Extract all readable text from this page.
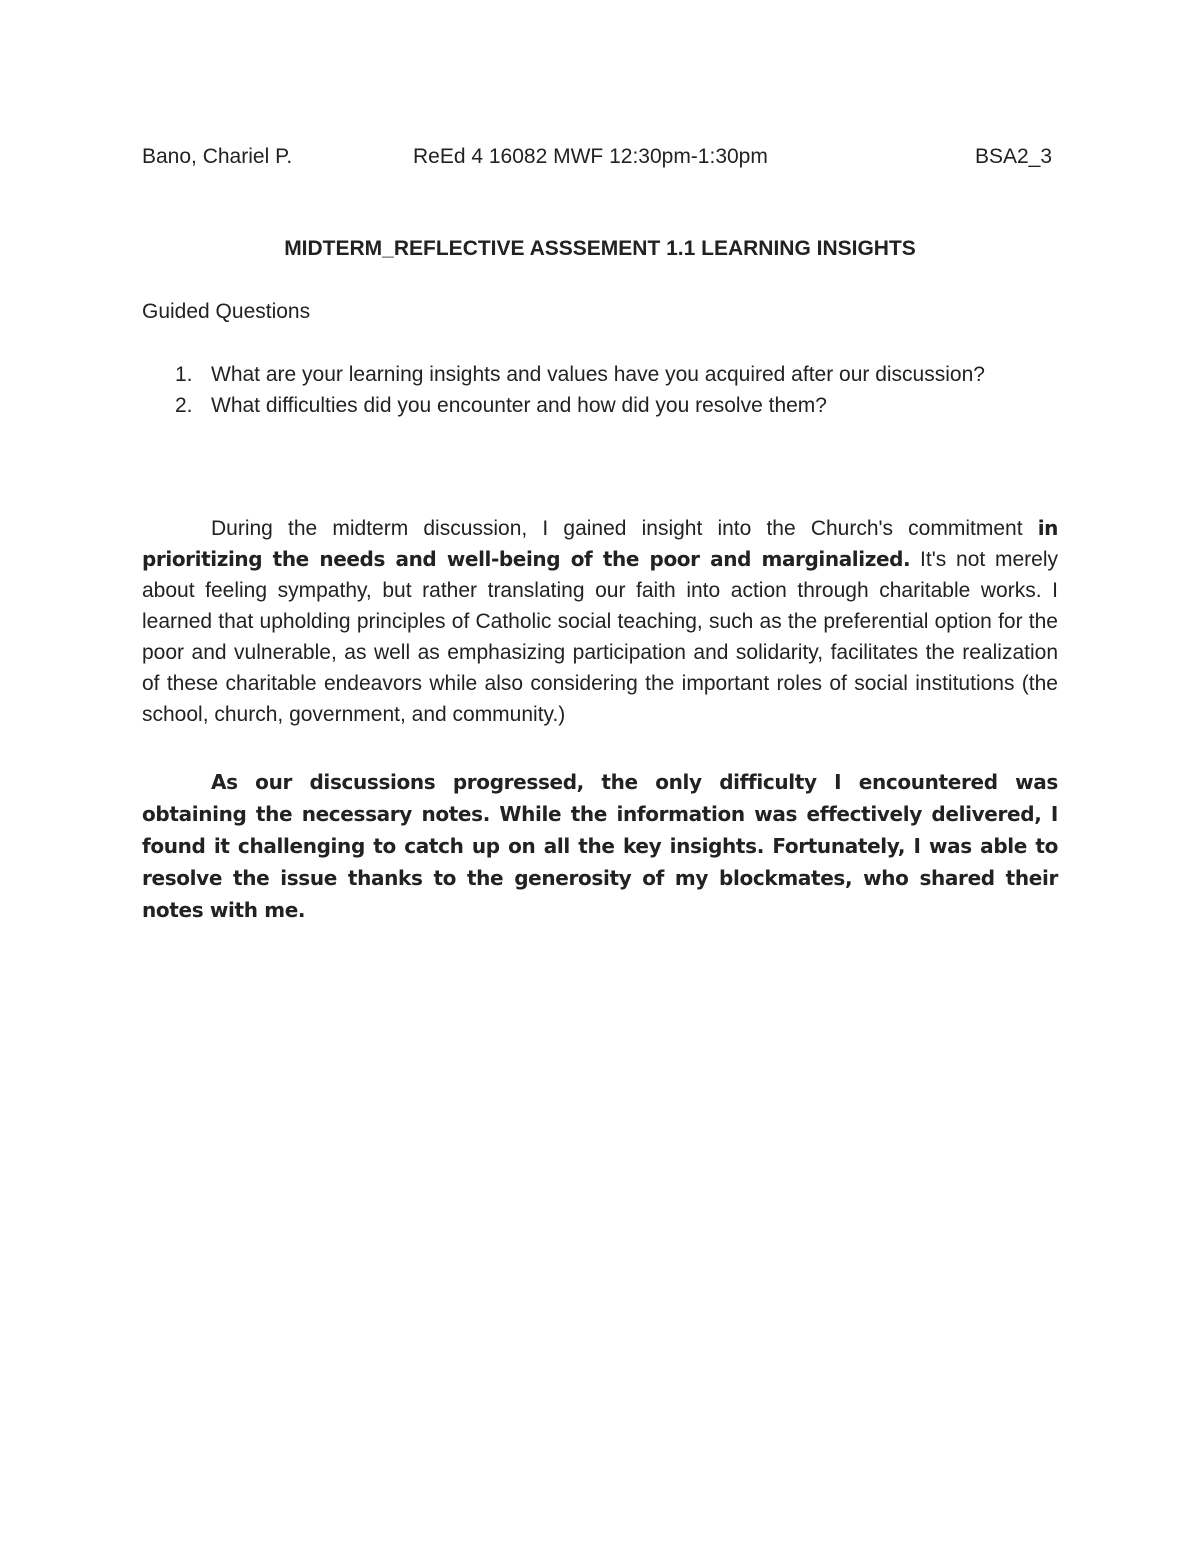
Bano, Chariel P.	ReEd 4 16082 MWF 12:30pm-1:30pm	BSA2_3
MIDTERM_REFLECTIVE ASSSEMENT 1.1 LEARNING INSIGHTS
Guided Questions
1. What are your learning insights and values have you acquired after our discussion?
2. What difficulties did you encounter and how did you resolve them?

During the midterm discussion, I gained insight into the Church's commitment in prioritizing the needs and well-being of the poor and marginalized. It's not merely about feeling sympathy, but rather translating our faith into action through charitable works. I learned that upholding principles of Catholic social teaching, such as the preferential option for the poor and vulnerable, as well as emphasizing participation and solidarity, facilitates the realization of these charitable endeavors while also considering the important roles of social institutions (the school, church, government, and community.)

As our discussions progressed, the only difficulty I encountered was obtaining the necessary notes. While the information was effectively delivered, I found it challenging to catch up on all the key insights. Fortunately, I was able to resolve the issue thanks to the generosity of my blockmates, who shared their notes with me.
